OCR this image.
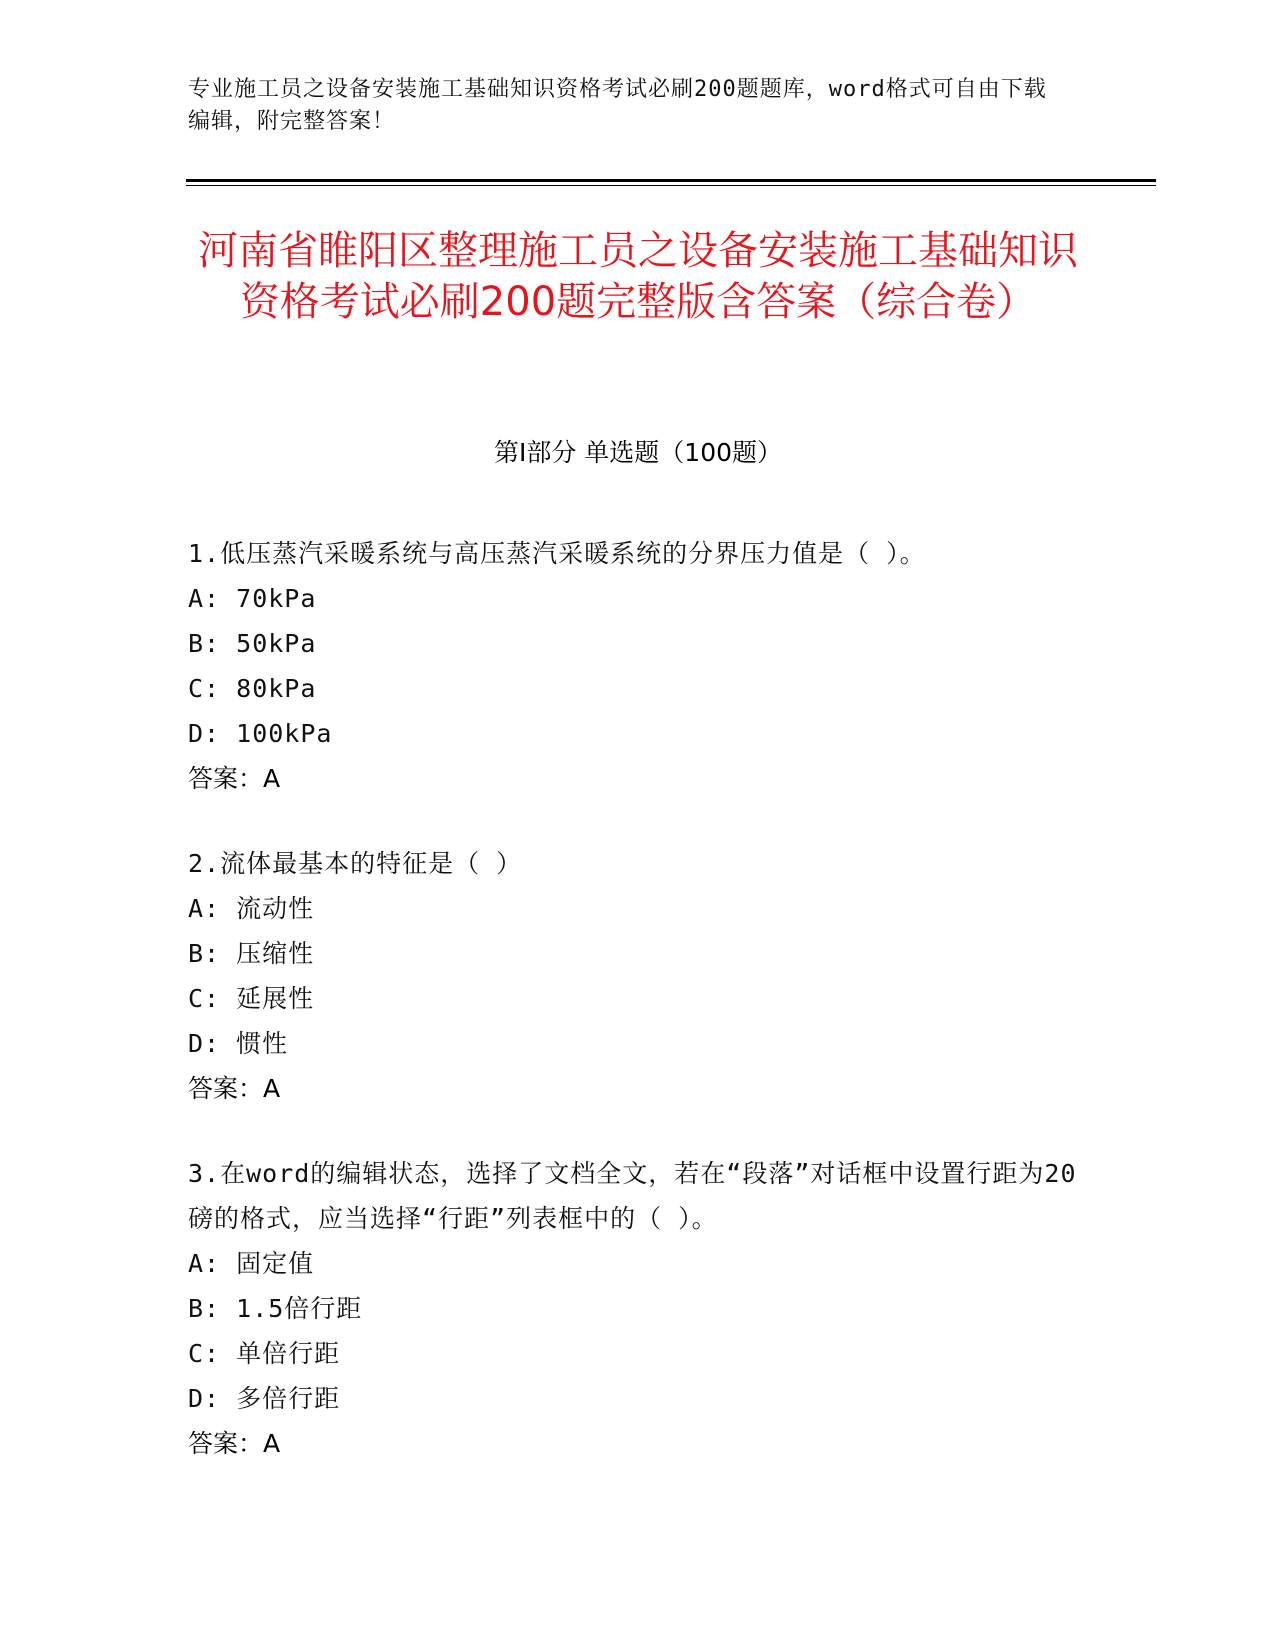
专业施工员之设备安装施工基础知识资格考试必刷200题题库，word格式可自由下载编辑，附完整答案！
河南省睢阳区整理施工员之设备安装施工基础知识资格考试必刷200题完整版含答案（综合卷）
第I部分 单选题（100题）
1.低压蒸汽采暖系统与高压蒸汽采暖系统的分界压力值是（ ）。
A: 70kPa
B: 50kPa
C: 80kPa
D: 100kPa
答案：A
2.流体最基本的特征是（ ）
A: 流动性
B: 压缩性
C: 延展性
D: 惯性
答案：A
3.在word的编辑状态，选择了文档全文，若在“段落”对话框中设置行距为20磅的格式，应当选择“行距”列表框中的（ ）。
A: 固定值
B: 1.5倍行距
C: 单倍行距
D: 多倍行距
答案：A
